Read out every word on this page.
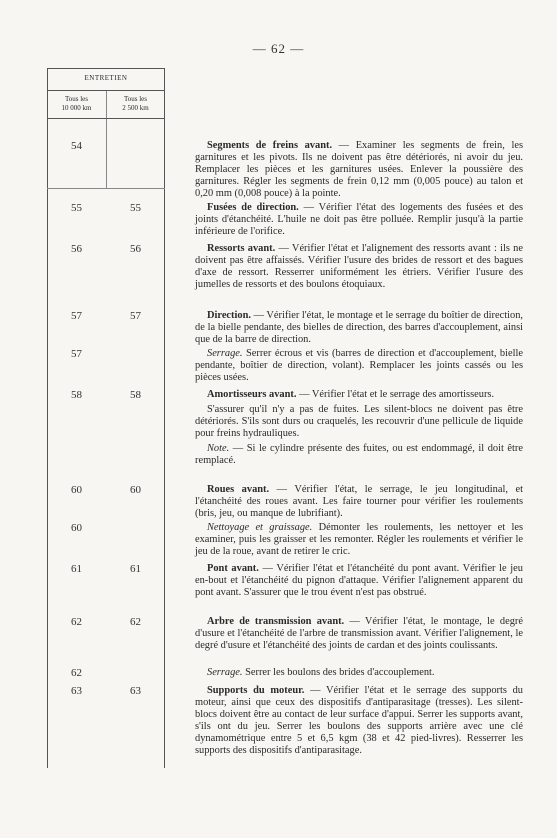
— 62 —
ENTRETIEN
Tous les
10 000 km
Tous les
2 500 km
54
55	55
56	56
57	57
57
58	58
60	60
60
61	61
62	62
62
63	63

Segments de freins avant. — Examiner les segments de frein, les garnitures et les pivots. Ils ne doivent pas être détériorés, ni avoir du jeu. Remplacer les pièces et les garnitures usées. Enlever la poussière des garnitures. Régler les segments de frein 0,12 mm (0,005 pouce) au talon et 0,20 mm (0,008 pouce) à la pointe.

Fusées de direction. — Vérifier l'état des logements des fusées et des joints d'étanchéité. L'huile ne doit pas être polluée. Remplir jusqu'à la partie inférieure de l'orifice.

Ressorts avant. — Vérifier l'état et l'alignement des ressorts avant : ils ne doivent pas être affaissés. Vérifier l'usure des brides de ressort et des bagues d'axe de ressort. Resserrer uniformément les étriers. Vérifier l'usure des jumelles de ressorts et des boulons étoquiaux.

Direction. — Vérifier l'état, le montage et le serrage du boîtier de direction, de la bielle pendante, des bielles de direction, des barres d'accouplement, ainsi que de la barre de direction.

Serrage. Serrer écrous et vis (barres de direction et d'accouplement, bielle pendante, boîtier de direction, volant). Remplacer les joints cassés ou les pièces usées.

Amortisseurs avant. — Vérifier l'état et le serrage des amortisseurs.

S'assurer qu'il n'y a pas de fuites. Les silent-blocs ne doivent pas être détériorés. S'ils sont durs ou craquelés, les recouvrir d'une pellicule de liquide pour freins hydrauliques.

Note. — Si le cylindre présente des fuites, ou est endommagé, il doit être remplacé.

Roues avant. — Vérifier l'état, le serrage, le jeu longitudinal, et l'étanchéité des roues avant. Les faire tourner pour vérifier les roulements (bris, jeu, ou manque de lubrifiant).

Nettoyage et graissage. Démonter les roulements, les nettoyer et les examiner, puis les graisser et les remonter. Régler les roulements et vérifier le jeu de la roue, avant de retirer le cric.

Pont avant. — Vérifier l'état et l'étanchéité du pont avant. Vérifier le jeu en-bout et l'étanchéité du pignon d'attaque. Vérifier l'alignement apparent du pont avant. S'assurer que le trou évent n'est pas obstrué.

Arbre de transmission avant. — Vérifier l'état, le montage, le degré d'usure et l'étanchéité de l'arbre de transmission avant. Vérifier l'alignement, le degré d'usure et l'étanchéité des joints de cardan et des joints coulissants.

Serrage. Serrer les boulons des brides d'accouplement.

Supports du moteur. — Vérifier l'état et le serrage des supports du moteur, ainsi que ceux des dispositifs d'antiparasitage (tresses). Les silent-blocs doivent être au contact de leur surface d'appui. Serrer les supports avant, s'ils ont du jeu. Serrer les boulons des supports arrière avec une clé dynamométrique entre 5 et 6,5 kgm (38 et 42 pied-livres). Resserrer les supports des dispositifs d'antiparasitage.
